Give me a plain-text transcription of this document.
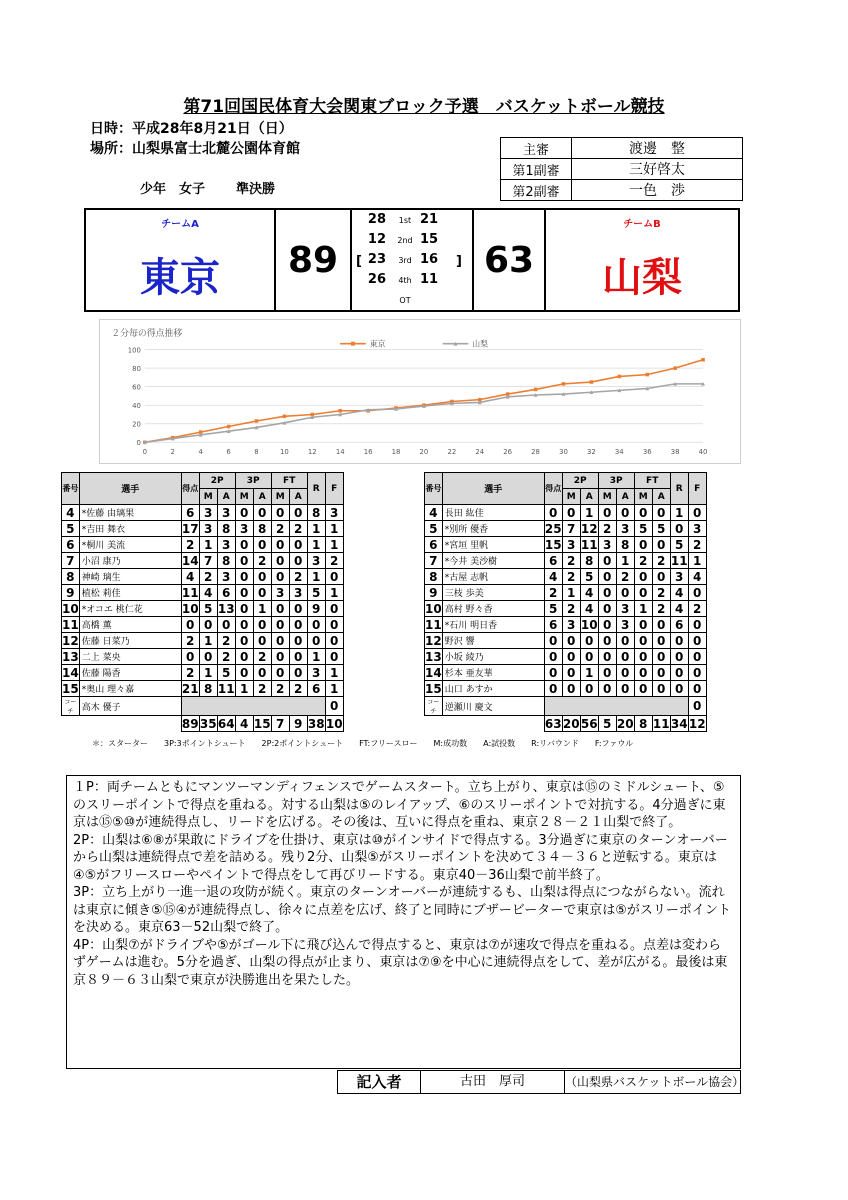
第71回国民体育大会関東ブロック予選　バスケットボール競技
日時：平成28年8月21日（日）
場所：山梨県富士北麓公園体育館
少年　女子 準決勝
主審	渡邊　整
第1副審	三好啓太
第2副審	一色　渉
チームA
東京	89	[	]
28	1st 21
12	2nd 15
23	3rd 16
26	4th 11
OT
63
チームB
山梨
２分毎の得点推移
0
20
40
60
80
100
0	2	4	6	8	10	12	14	16	18	20	22	24	26	28	30	32	34	36	38	40
東京	山梨
番号	選手	得点	2P		3P		FT		R	F
			M	A	M	A	M	A		
4	*佐藤 由璃果	6	3	3	0	0	0	0	8	3
5	*吉田 舞衣	17	3	8	3	8	2	2	1	1
6	*桐川 美流	2	1	3	0	0	0	0	1	1
7	小沼 康乃	14	7	8	0	2	0	0	3	2
8	神崎 璃生	4	2	3	0	0	0	2	1	0
9	植松 莉佳	11	4	6	0	0	3	3	5	1
10	*オコエ 桃仁花	10	5	13	0	1	0	0	9	0
11	高橋 薫	0	0	0	0	0	0	0	0	0
12	佐藤 日菜乃	2	1	2	0	0	0	0	0	0
13	二上 菜央	0	0	2	0	2	0	0	1	0
14	佐藤 陽香	2	1	5	0	0	0	0	3	1
15	*奥山 理々嘉	21	8	11	1	2	2	2	6	1
コーチ	高木 優子									0
		89	35	64	4	15	7	9	38	10
番号	選手	得点	2P		3P		FT		R	F
			M	A	M	A	M	A		
4	長田 紘佳	0	0	1	0	0	0	0	1	0
5	*別所 優香	25	7	12	2	3	5	5	0	3
6	*宮垣 里帆	15	3	11	3	8	0	0	5	2
7	*今井 美沙樹	6	2	8	0	1	2	2	11	1
8	*古屋 志帆	4	2	5	0	2	0	0	3	4
9	三枝 歩美	2	1	4	0	0	0	2	4	0
10	高村 野々香	5	2	4	0	3	1	2	4	2
11	*石川 明日香	6	3	10	0	3	0	0	6	0
12	野沢 響	0	0	0	0	0	0	0	0	0
13	小坂 綾乃	0	0	0	0	0	0	0	0	0
14	杉本 亜友華	0	0	1	0	0	0	0	0	0
15	山口 あすか	0	0	0	0	0	0	0	0	0
コーチ	逆瀬川 慶文									0
		63	20	56	5	20	8	11	34	12
＊：スターター　　3P:3ポイントシュート　　2P:2ポイントシュート　　FT:フリースロー　　M:成功数　　A:試投数　　R:リバウンド　　F:ファウル

１P：両チームともにマンツーマンディフェンスでゲームスタート。立ち上がり、東京は⑮のミドルシュート、⑤のスリーポイントで得点を重ねる。対する山梨は⑤のレイアップ、⑥のスリーポイントで対抗する。4分過ぎに東京は⑮⑤⑩が連続得点し、リードを広げる。その後は、互いに得点を重ね、東京２８－２１山梨で終了。

2P：山梨は⑥⑧が果敢にドライブを仕掛け、東京は⑩がインサイドで得点する。3分過ぎに東京のターンオーバーから山梨は連続得点で差を詰める。残り2分、山梨⑤がスリーポイントを決めて３４－３６と逆転する。東京は④⑤がフリースローやペイントで得点をして再びリードする。東京40－36山梨で前半終了。

3P：立ち上がり一進一退の攻防が続く。東京のターンオーバーが連続するも、山梨は得点につながらない。流れは東京に傾き⑤⑮④が連続得点し、徐々に点差を広げ、終了と同時にブザービーターで東京は⑤がスリーポイントを決める。東京63－52山梨で終了。

4P：山梨⑦がドライブや⑤がゴール下に飛び込んで得点すると、東京は⑦が速攻で得点を重ねる。点差は変わらずゲームは進む。5分を過ぎ、山梨の得点が止まり、東京は⑦⑨を中心に連続得点をして、差が広がる。最後は東京８９－６３山梨で東京が決勝進出を果たした。

記入者	古田　厚司	（山梨県バスケットボール協会）
